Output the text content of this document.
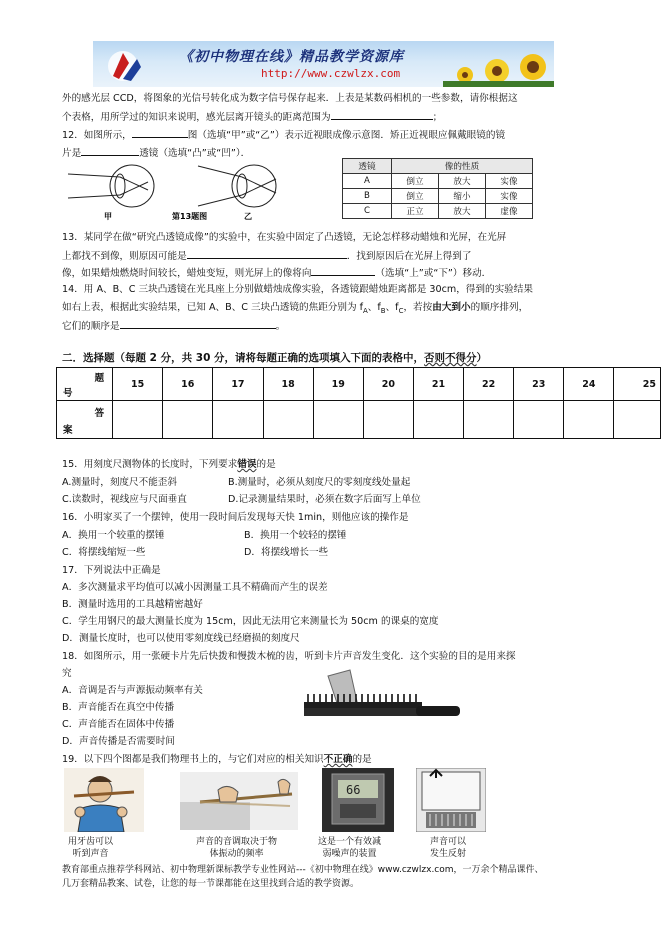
《初中物理在线》精品教学资源库
http://www.czwlzx.com
外的感光层 CCD，将图象的光信号转化成为数字信号保存起来．上表是某数码相机的一些参数，请你根据这
个表格，用所学过的知识来说明，感光层离开镜头的距离范围为	；
12．如图所示，	图（选填“甲”或“乙”）表示近视眼成像示意图．矫正近视眼应佩戴眼镜的镜
片是	透镜（选填“凸”或“凹”）．
甲	第13题图	乙
透镜	像的性质		
A	倒立	放大	实像
B	倒立	缩小	实像
C	正立	放大	虚像
13．某同学在做“研究凸透镜成像”的实验中，在实验中固定了凸透镜，无论怎样移动蜡烛和光屏，在光屏
上都找不到像，则原因可能是	．找到原因后在光屏上得到了
像，如果蜡烛燃烧时间较长，蜡烛变短，则光屏上的像将向	（选填“上”或“下”）移动．
14．用 A、B、C 三块凸透镜在光具座上分别做蜡烛成像实验，各透镜跟蜡烛距离都是 30cm，得到的实验结果
如右上表，根据此实验结果，已知 A、B、C 三块凸透镜的焦距分别为 $f_A$、$f_B$、$f_C$，若按由大到小的顺序排列，
它们的顺序是	。
二．选择题（每题 2 分，共 30 分，请将每题正确的选项填入下面的表格中，否则不得分）
题
号	15	16	17	18	19	20	21	22	23	24	25

答
案											

15．用刻度尺测物体的长度时，下列要求错误的是
A.测量时，刻度尺不能歪斜	B.测量时，必须从刻度尺的零刻度线处量起
C.读数时，视线应与尺面垂直	D.记录测量结果时，必须在数字后面写上单位
16．小明家买了一个摆钟，使用一段时间后发现每天快 1min，则他应该的操作是
A．换用一个较重的摆锤	B．换用一个较轻的摆锤
C．将摆线缩短一些	D．将摆线增长一些
17．下列说法中正确是
A．多次测量求平均值可以减小因测量工具不精确而产生的误差
B．测量时选用的工具越精密越好
C．学生用钢尺的最大测量长度为 15cm，因此无法用它来测量长为 50cm 的课桌的宽度
D．测量长度时，也可以使用零刻度线已经磨损的刻度尺
18．如图所示，用一张硬卡片先后快拨和慢拨木梳的齿，听到卡片声音发生变化．这个实验的目的是用来探
究
A．音调是否与声源振动频率有关
B．声音能否在真空中传播
C．声音能否在固体中传播
D．声音传播是否需要时间
19．以下四个图都是我们物理书上的，与它们对应的相关知识不正确的是
用牙齿可以
听到声音
声音的音调取决于物
体振动的频率
66
这是一个有效减
弱噪声的装置
声音可以
发生反射
教育部重点推荐学科网站、初中物理新课标教学专业性网站---《初中物理在线》www.czwlzx.com，一万余个精品课件、
几万套精品教案、试卷，让您的每一节课都能在这里找到合适的教学资源。
